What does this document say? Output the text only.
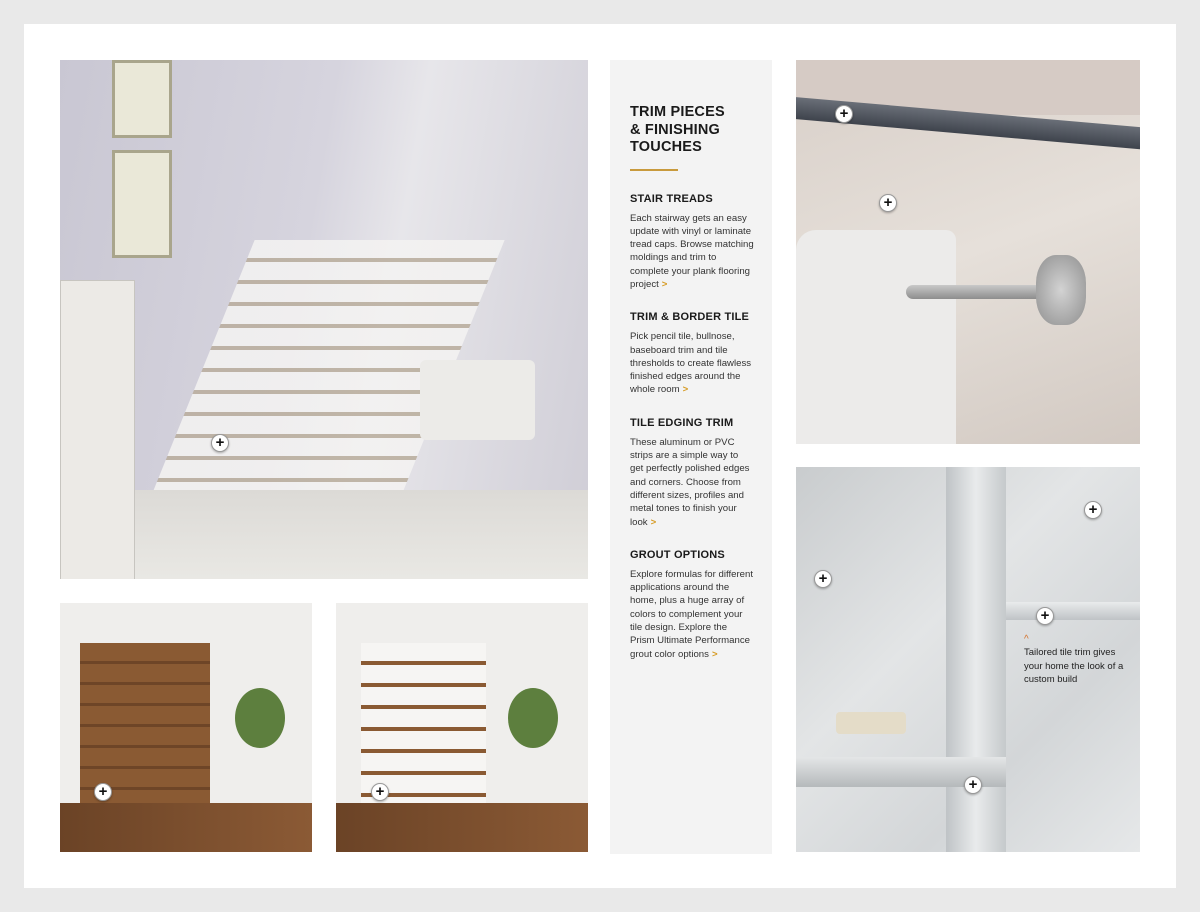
+
+	+
+
+
+
+
+
+
^
Tailored tile trim gives your home the look of a custom build
TRIM PIECES & FINISHING TOUCHES
STAIR TREADS

Each stairway gets an easy update with vinyl or laminate tread caps. Browse matching moldings and trim to complete your plank flooring project >

TRIM & BORDER TILE

Pick pencil tile, bullnose, baseboard trim and tile thresholds to create flawless finished edges around the whole room >

TILE EDGING TRIM

These aluminum or PVC strips are a simple way to get perfectly polished edges and corners. Choose from different sizes, profiles and metal tones to finish your look >

GROUT OPTIONS

Explore formulas for different applications around the home, plus a huge array of colors to complement your tile design. Explore the Prism Ultimate Performance grout color options >
